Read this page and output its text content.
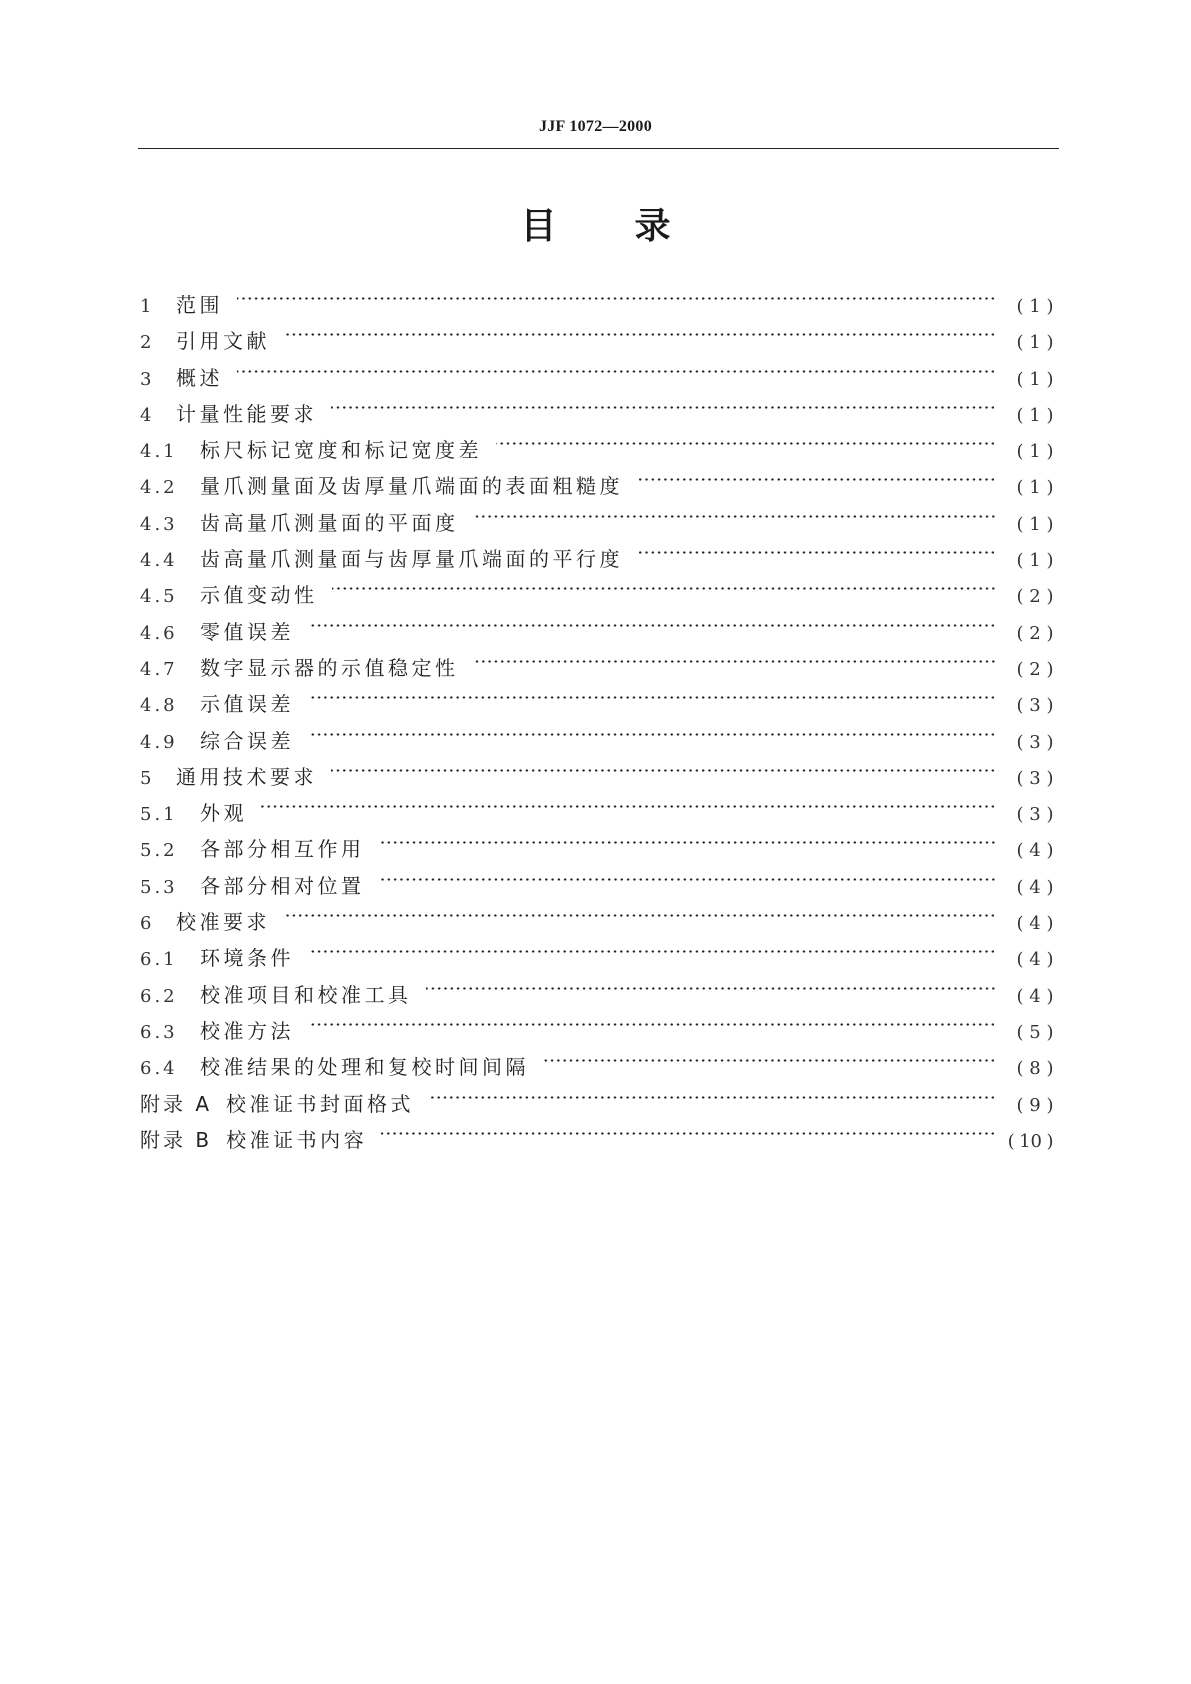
JJF 1072—2000
目 录
1	范围	( 1 )
2	引用文献	( 1 )
3	概述	( 1 )
4	计量性能要求	( 1 )
4.1	标尺标记宽度和标记宽度差	( 1 )
4.2	量爪测量面及齿厚量爪端面的表面粗糙度	( 1 )
4.3	齿高量爪测量面的平面度	( 1 )
4.4	齿高量爪测量面与齿厚量爪端面的平行度	( 1 )
4.5	示值变动性	( 2 )
4.6	零值误差	( 2 )
4.7	数字显示器的示值稳定性	( 2 )
4.8	示值误差	( 3 )
4.9	综合误差	( 3 )
5	通用技术要求	( 3 )
5.1	外观	( 3 )
5.2	各部分相互作用	( 4 )
5.3	各部分相对位置	( 4 )
6	校准要求	( 4 )
6.1	环境条件	( 4 )
6.2	校准项目和校准工具	( 4 )
6.3	校准方法	( 5 )
6.4	校准结果的处理和复校时间间隔	( 8 )
附录 A 校准证书封面格式	( 9 )
附录 B 校准证书内容	( 10 )
